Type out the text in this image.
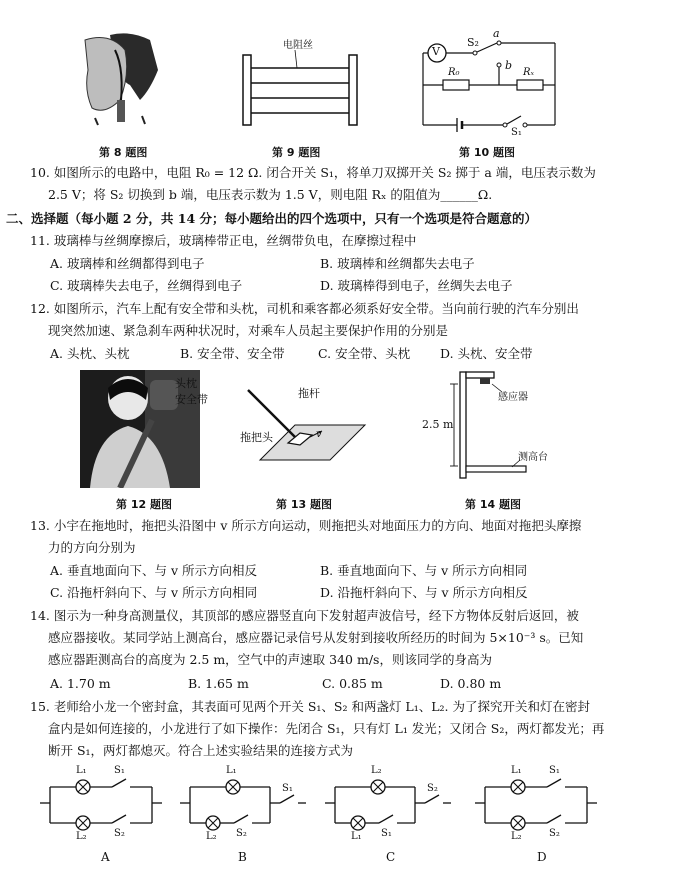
第 8 题图
电阻丝
第 9 题图
V
S₂
a
b
R₀	Rₓ
S₁
第 10 题图
10. 如图所示的电路中，电阻 R₀ = 12 Ω. 闭合开关 S₁，将单刀双掷开关 S₂ 掷于 a 端，电压表示数为
2.5 V；将 S₂ 切换到 b 端，电压表示数为 1.5 V，则电阻 Rₓ 的阻值为______Ω.
二、选择题（每小题 2 分，共 14 分；每小题给出的四个选项中，只有一个选项是符合题意的）
11. 玻璃棒与丝绸摩擦后，玻璃棒带正电，丝绸带负电，在摩擦过程中
A. 玻璃棒和丝绸都得到电子	B. 玻璃棒和丝绸都失去电子
C. 玻璃棒失去电子，丝绸得到电子	D. 玻璃棒得到电子，丝绸失去电子
12. 如图所示，汽车上配有安全带和头枕，司机和乘客都必须系好安全带。当向前行驶的汽车分别出
现突然加速、紧急刹车两种状况时，对乘车人员起主要保护作用的分别是
A. 头枕、头枕	B. 安全带、安全带	C. 安全带、头枕 D. 头枕、安全带
头枕
安全带
第 12 题图
拖杆
拖把头	v
第 13 题图
感应器
2.5 m
测高台
第 14 题图
13. 小宇在拖地时，拖把头沿图中 v 所示方向运动，则拖把头对地面压力的方向、地面对拖把头摩擦
力的方向分别为
A. 垂直地面向下、与 v 所示方向相反	B. 垂直地面向下、与 v 所示方向相同
C. 沿拖杆斜向下、与 v 所示方向相同	D. 沿拖杆斜向下、与 v 所示方向相反
14. 图示为一种身高测量仪，其顶部的感应器竖直向下发射超声波信号，经下方物体反射后返回，被
感应器接收。某同学站上测高台，感应器记录信号从发射到接收所经历的时间为 5×10⁻³ s。已知
感应器距测高台的高度为 2.5 m，空气中的声速取 340 m/s，则该同学的身高为
A. 1.70 m	B. 1.65 m	C. 0.85 m	D. 0.80 m
15. 老师给小龙一个密封盒，其表面可见两个开关 S₁、S₂ 和两盏灯 L₁、L₂. 为了探究开关和灯在密封
盒内是如何连接的，小龙进行了如下操作：先闭合 S₁，只有灯 L₁ 发光；又闭合 S₂，两灯都发光；再
断开 S₁，两灯都熄灭。符合上述实验结果的连接方式为
L₁	S₁
L₂	S₂
A
L₁
S₁
L₂ S₂
B
L₂
S₂
L₁ S₁
C
L₁	S₁
L₂	S₂
D
